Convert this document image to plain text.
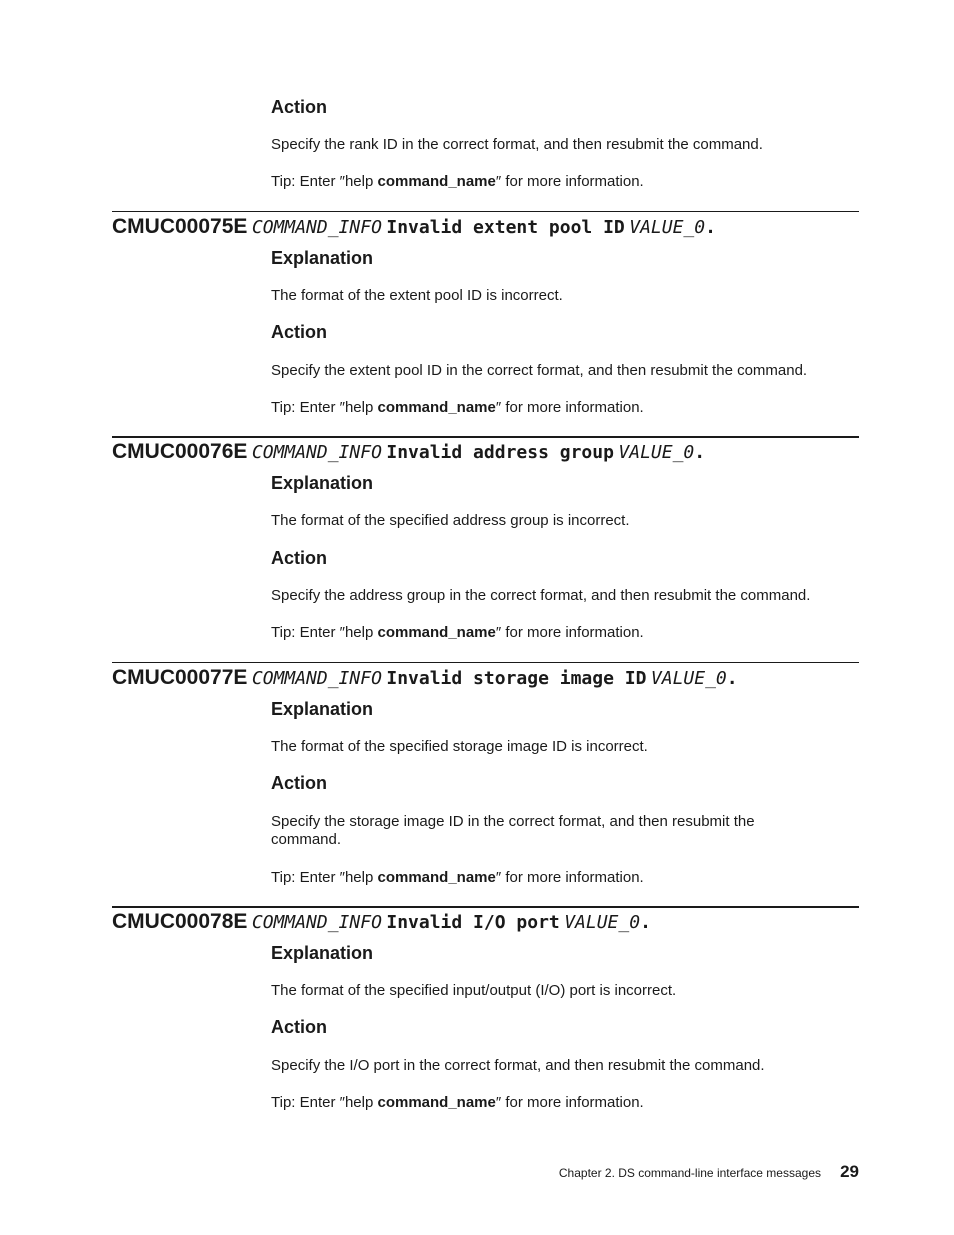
Action
Specify the rank ID in the correct format, and then resubmit the command.
Tip: Enter ″help command_name″ for more information.
CMUC00075E COMMAND_INFO Invalid extent pool ID VALUE_0.
Explanation
The format of the extent pool ID is incorrect.
Action
Specify the extent pool ID in the correct format, and then resubmit the command.
Tip: Enter ″help command_name″ for more information.
CMUC00076E COMMAND_INFO Invalid address group VALUE_0.
Explanation
The format of the specified address group is incorrect.
Action
Specify the address group in the correct format, and then resubmit the command.
Tip: Enter ″help command_name″ for more information.
CMUC00077E COMMAND_INFO Invalid storage image ID VALUE_0.
Explanation
The format of the specified storage image ID is incorrect.
Action
Specify the storage image ID in the correct format, and then resubmit the
command.
Tip: Enter ″help command_name″ for more information.
CMUC00078E COMMAND_INFO Invalid I/O port VALUE_0.
Explanation
The format of the specified input/output (I/O) port is incorrect.
Action
Specify the I/O port in the correct format, and then resubmit the command.
Tip: Enter ″help command_name″ for more information.
Chapter 2. DS command-line interface messages 29
